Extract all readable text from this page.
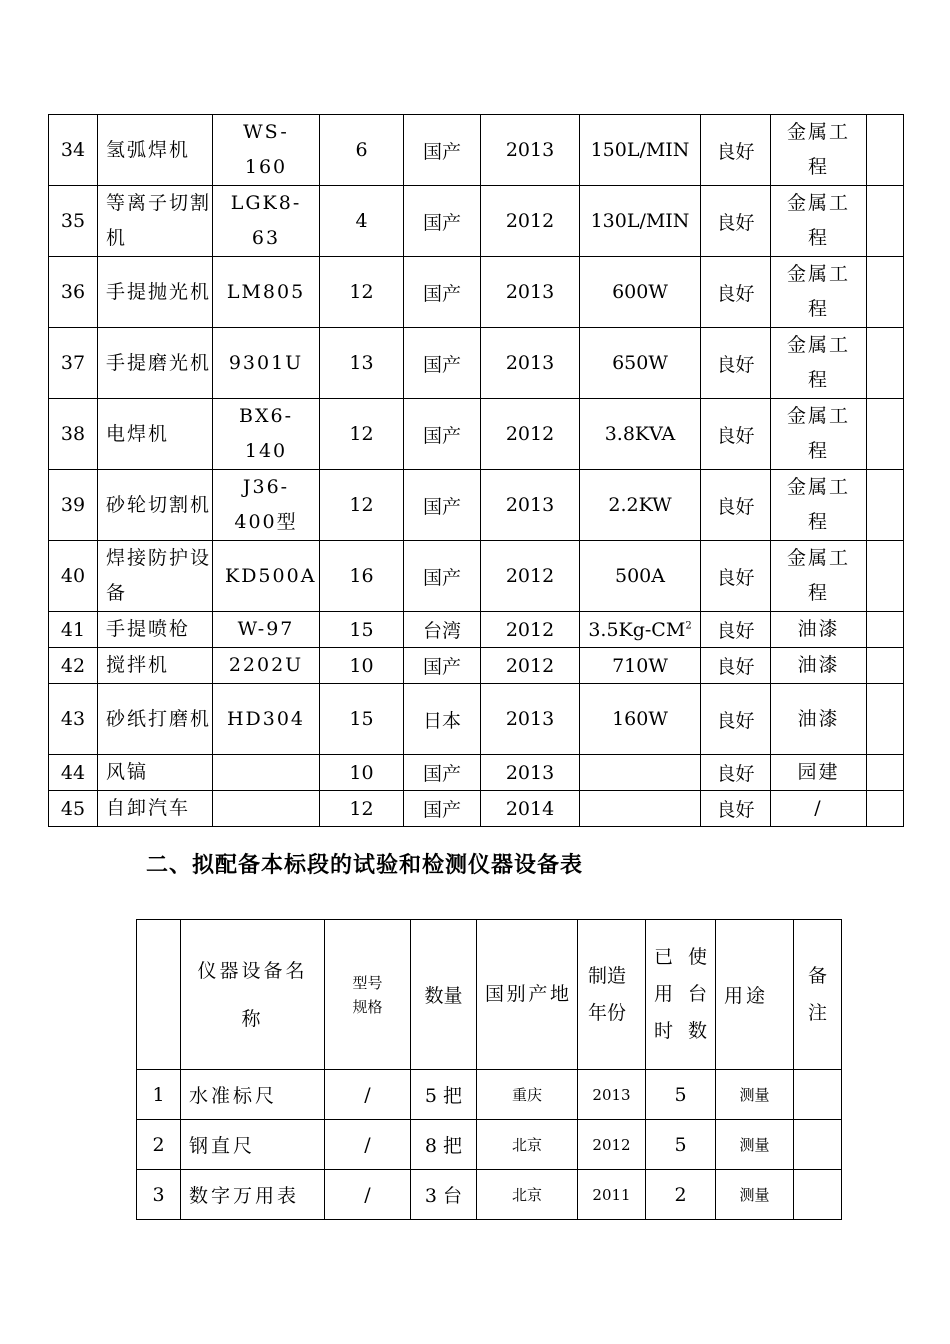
34	氢弧焊机	WS-160	6	国产	2013	150L/MIN	良好	金属工程	
35	等离子切割机	LGK8-63	4	国产	2012	130L/MIN	良好	金属工程	
36	手提抛光机	LM805	12	国产	2013	600W	良好	金属工程	
37	手提磨光机	9301U	13	国产	2013	650W	良好	金属工程	
38	电焊机	BX6-140	12	国产	2012	3.8KVA	良好	金属工程	
39	砂轮切割机	J36-400型	12	国产	2013	2.2KW	良好	金属工程	
40	焊接防护设备	KD500A	16	国产	2012	500A	良好	金属工程	
41	手提喷枪	W-97	15	台湾	2012	$3.5Kg-CM^2$	良好	油漆	
42	搅拌机	2202U	10	国产	2012	710W	良好	油漆	
43	砂纸打磨机	HD304	15	日本	2013	160W	良好	油漆	
44	风镐		10	国产	2013		良好	园建	
45	自卸汽车		12	国产	2014		良好	/	
二、拟配备本标段的试验和检测仪器设备表
	仪器设备名称	型号规格	数量	国别产地	制造年份	已使用台时数	用途	备注
1	水准标尺	/	5 把	重庆	2013	5	测量	
2	钢直尺	/	8 把	北京	2012	5	测量	
3	数字万用表	/	3 台	北京	2011	2	测量	
